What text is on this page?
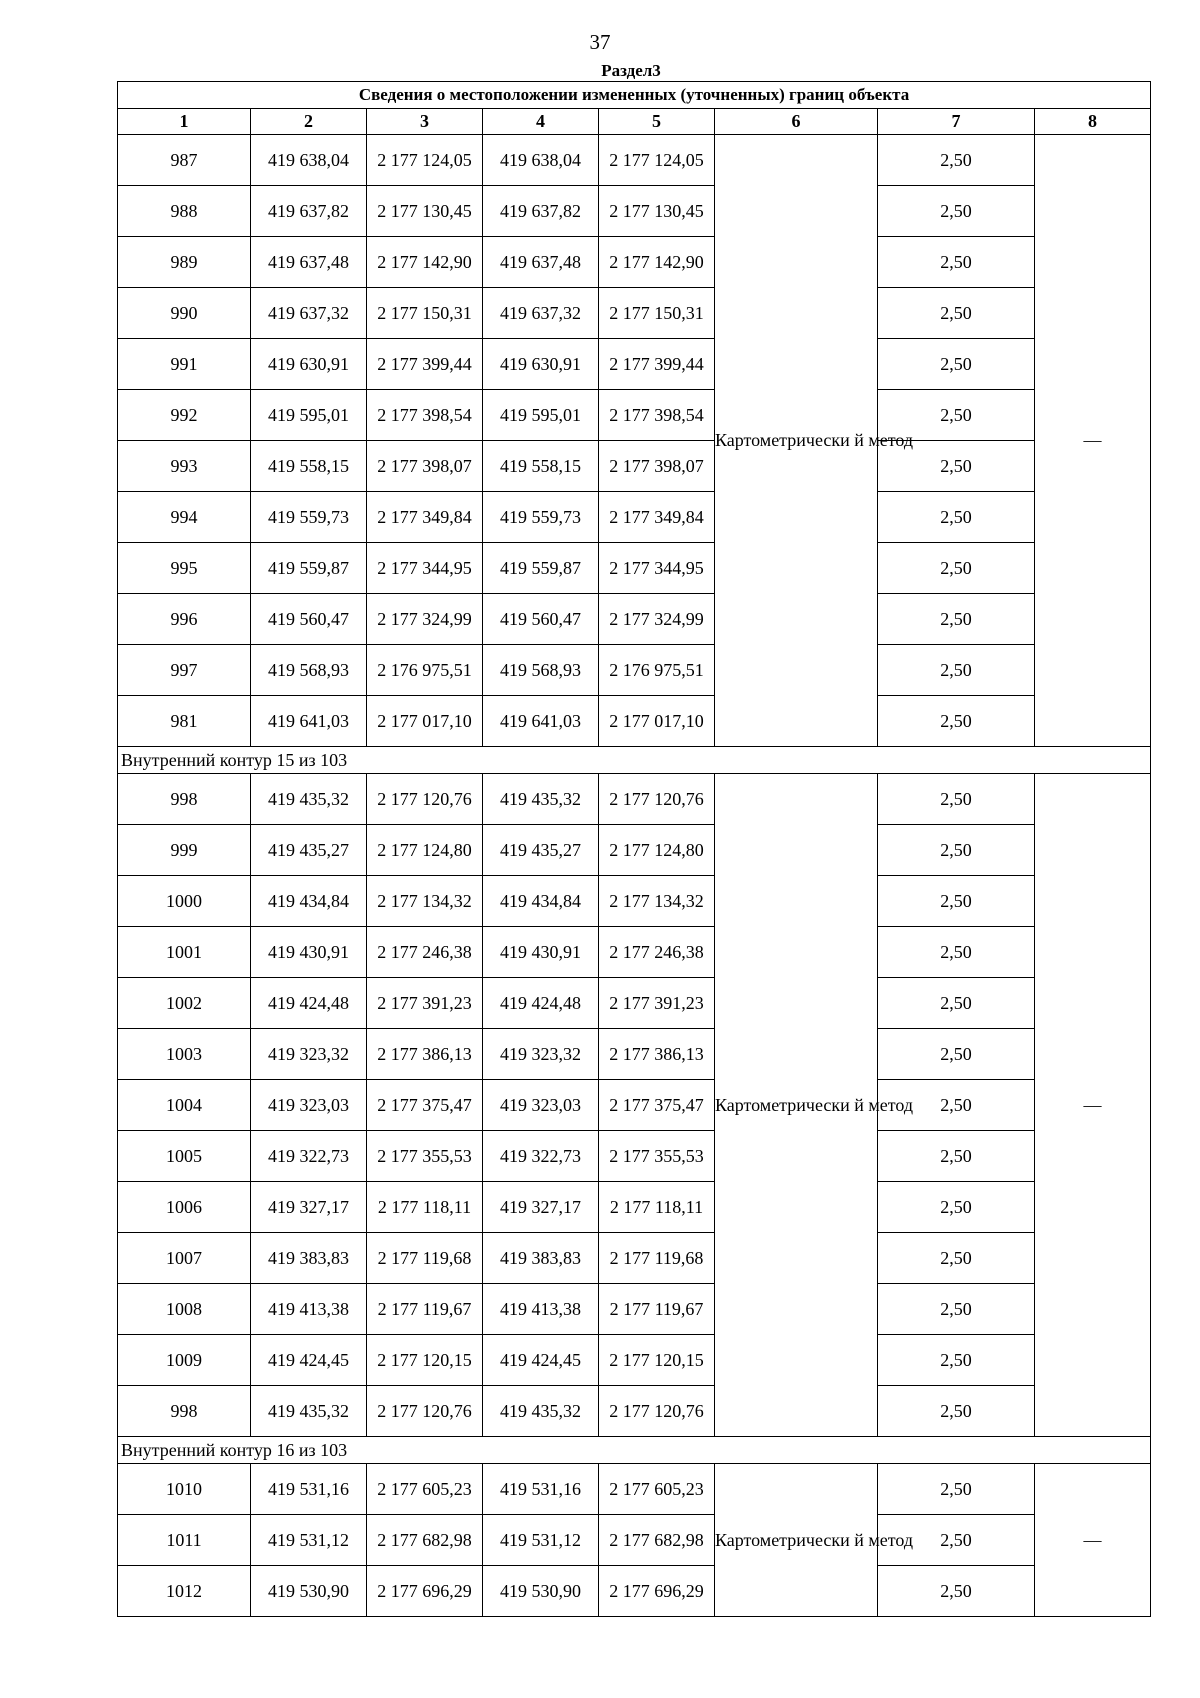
37
Раздел3
Сведения о местоположении измененных (уточненных) границ объекта							
1	2	3	4	5	6	7	8
987	419 638,04	2 177 124,05	419 638,04	2 177 124,05	Картометрически й метод	2,50	—
988	419 637,82	2 177 130,45	419 637,82	2 177 130,45		2,50	
989	419 637,48	2 177 142,90	419 637,48	2 177 142,90		2,50	
990	419 637,32	2 177 150,31	419 637,32	2 177 150,31		2,50	
991	419 630,91	2 177 399,44	419 630,91	2 177 399,44		2,50	
992	419 595,01	2 177 398,54	419 595,01	2 177 398,54		2,50	
993	419 558,15	2 177 398,07	419 558,15	2 177 398,07		2,50	
994	419 559,73	2 177 349,84	419 559,73	2 177 349,84		2,50	
995	419 559,87	2 177 344,95	419 559,87	2 177 344,95		2,50	
996	419 560,47	2 177 324,99	419 560,47	2 177 324,99		2,50	
997	419 568,93	2 176 975,51	419 568,93	2 176 975,51		2,50	
981	419 641,03	2 177 017,10	419 641,03	2 177 017,10		2,50	
Внутренний контур 15 из 103							
998	419 435,32	2 177 120,76	419 435,32	2 177 120,76	Картометрически й метод	2,50	—
999	419 435,27	2 177 124,80	419 435,27	2 177 124,80		2,50	
1000	419 434,84	2 177 134,32	419 434,84	2 177 134,32		2,50	
1001	419 430,91	2 177 246,38	419 430,91	2 177 246,38		2,50	
1002	419 424,48	2 177 391,23	419 424,48	2 177 391,23		2,50	
1003	419 323,32	2 177 386,13	419 323,32	2 177 386,13		2,50	
1004	419 323,03	2 177 375,47	419 323,03	2 177 375,47		2,50	
1005	419 322,73	2 177 355,53	419 322,73	2 177 355,53		2,50	
1006	419 327,17	2 177 118,11	419 327,17	2 177 118,11		2,50	
1007	419 383,83	2 177 119,68	419 383,83	2 177 119,68		2,50	
1008	419 413,38	2 177 119,67	419 413,38	2 177 119,67		2,50	
1009	419 424,45	2 177 120,15	419 424,45	2 177 120,15		2,50	
998	419 435,32	2 177 120,76	419 435,32	2 177 120,76		2,50	
Внутренний контур 16 из 103							
1010	419 531,16	2 177 605,23	419 531,16	2 177 605,23	Картометрически й метод	2,50	—
1011	419 531,12	2 177 682,98	419 531,12	2 177 682,98		2,50	
1012	419 530,90	2 177 696,29	419 530,90	2 177 696,29		2,50	
